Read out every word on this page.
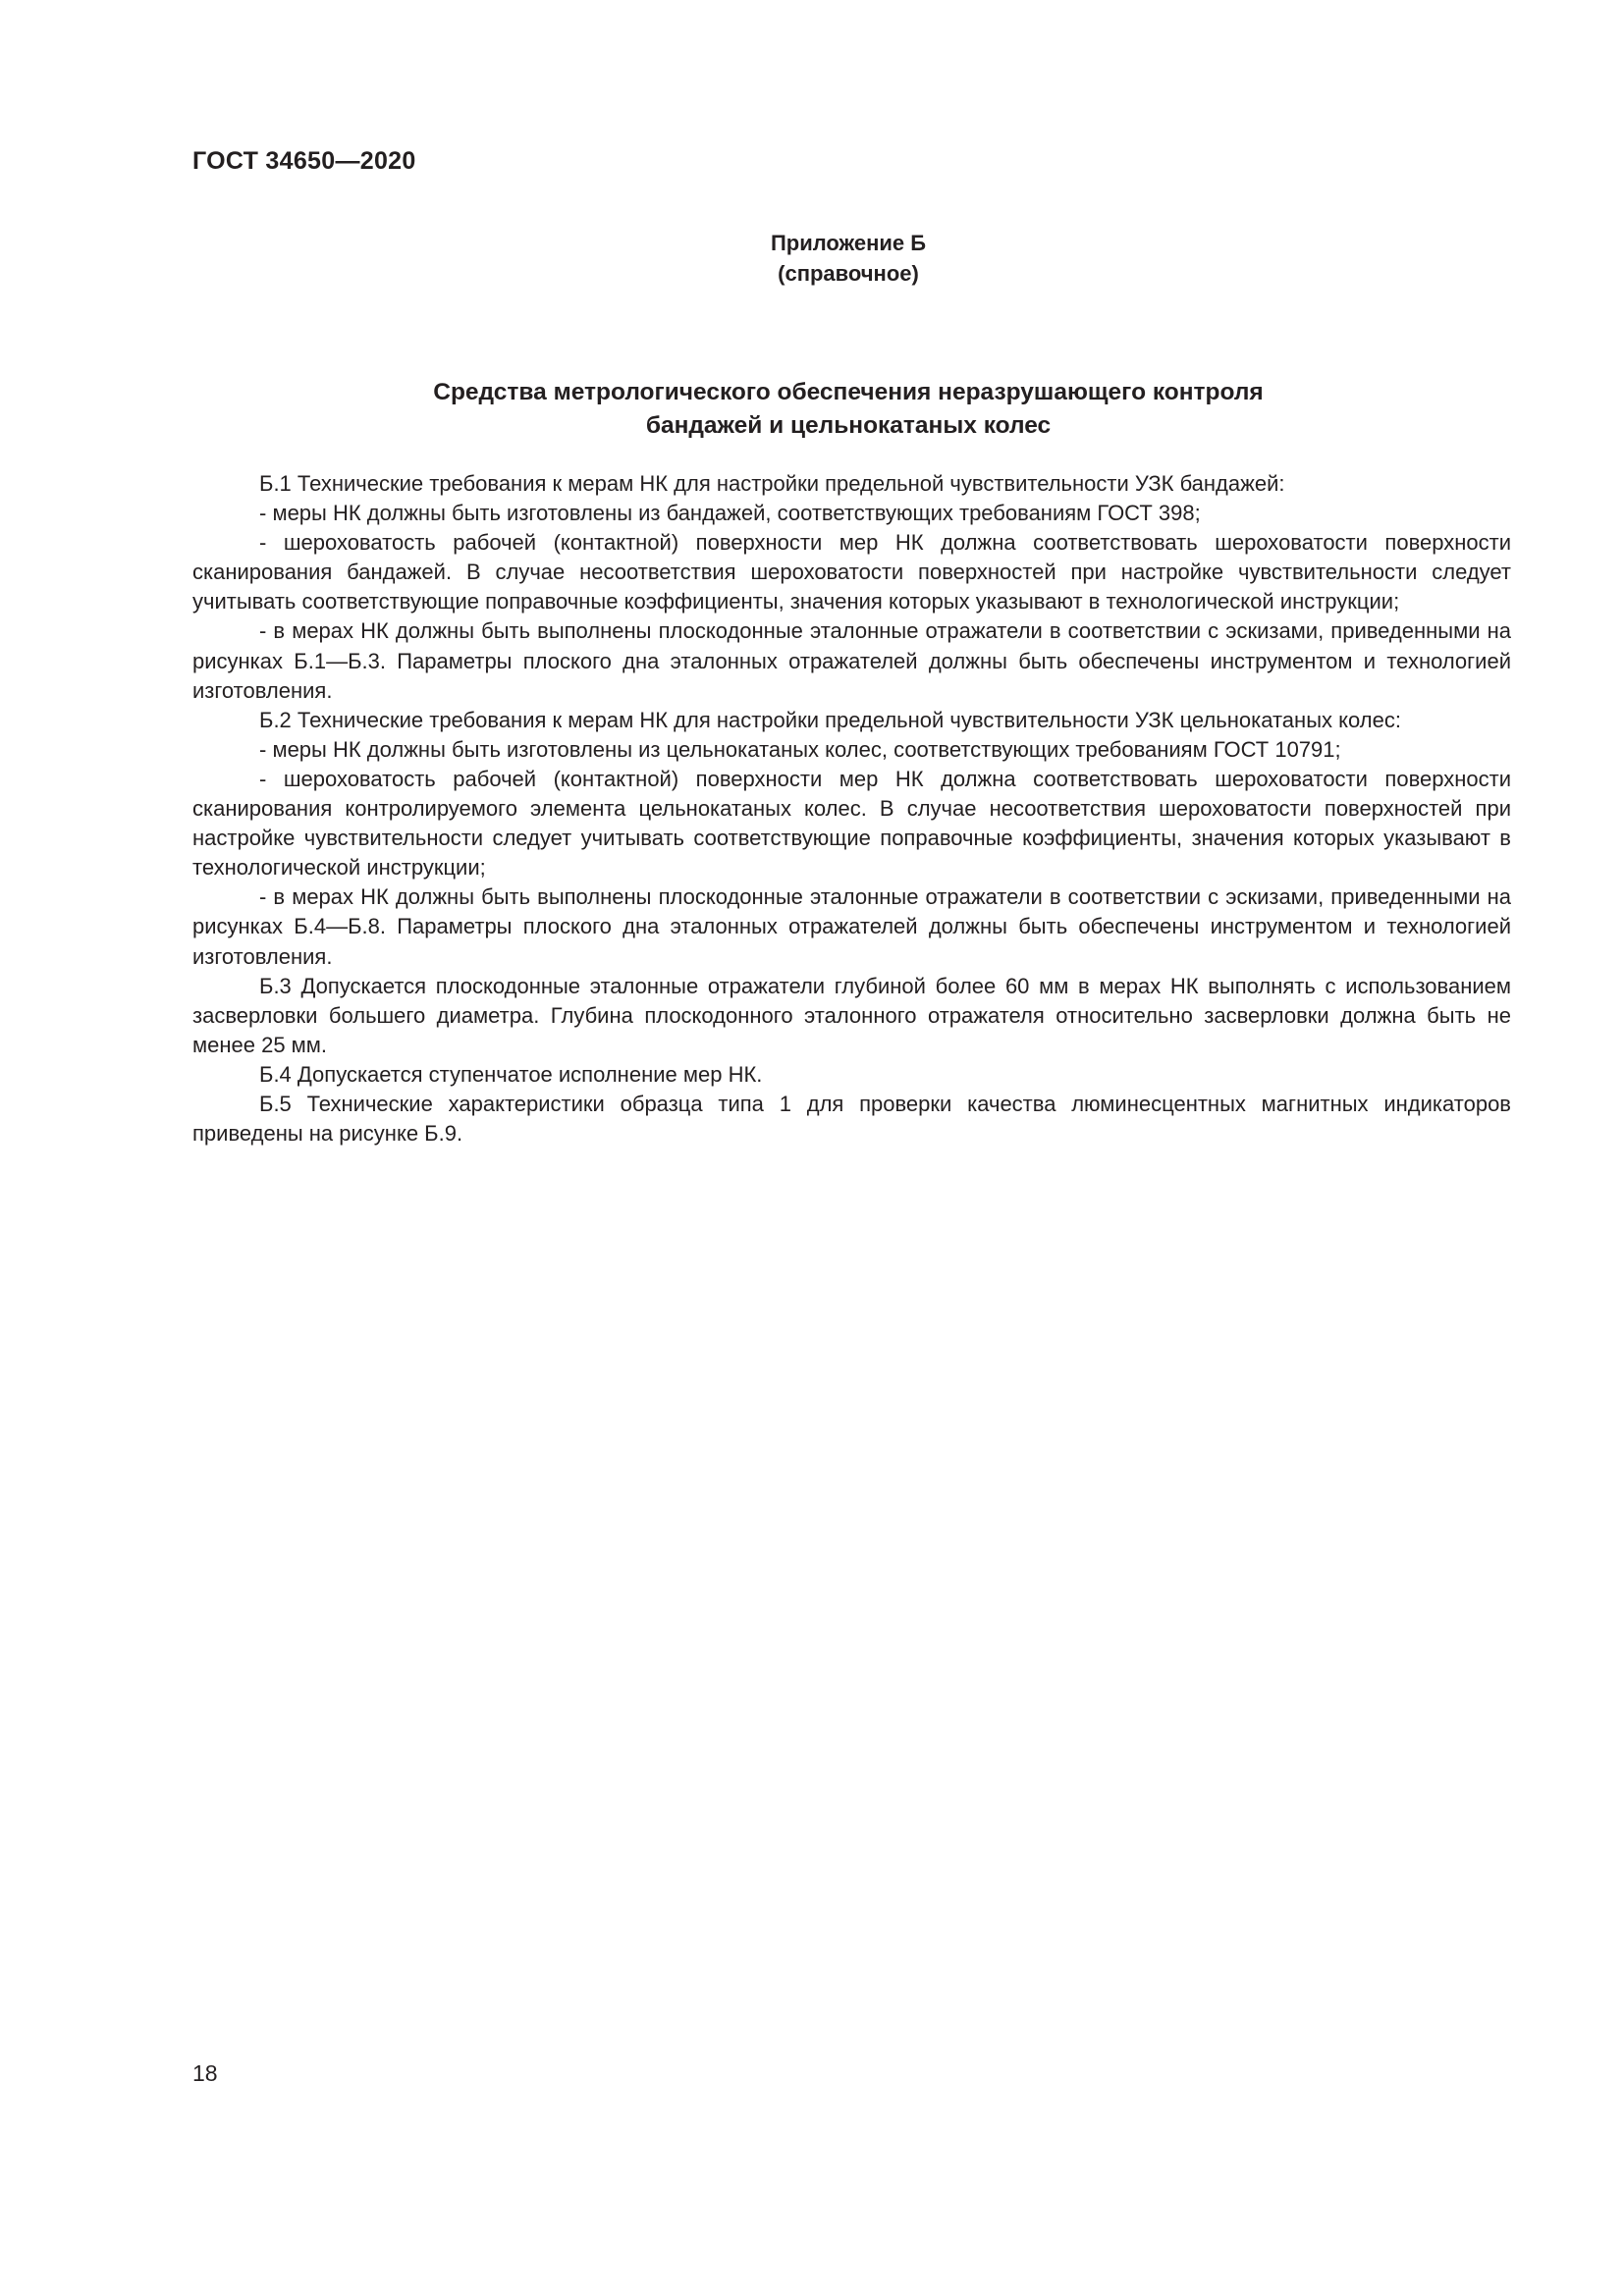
ГОСТ 34650—2020
Приложение Б
(справочное)
Средства метрологического обеспечения неразрушающего контроля
бандажей и цельнокатаных колес

Б.1 Технические требования к мерам НК для настройки предельной чувствительности УЗК бандажей:

- меры НК должны быть изготовлены из бандажей, соответствующих требованиям ГОСТ 398;

- шероховатость рабочей (контактной) поверхности мер НК должна соответствовать шероховатости поверхности сканирования бандажей. В случае несоответствия шероховатости поверхностей при настройке чувствительности следует учитывать соответствующие поправочные коэффициенты, значения которых указывают в технологической инструкции;

- в мерах НК должны быть выполнены плоскодонные эталонные отражатели в соответствии с эскизами, приведенными на рисунках Б.1—Б.3. Параметры плоского дна эталонных отражателей должны быть обеспечены инструментом и технологией изготовления.

Б.2 Технические требования к мерам НК для настройки предельной чувствительности УЗК цельнокатаных колес:

- меры НК должны быть изготовлены из цельнокатаных колес, соответствующих требованиям ГОСТ 10791;

- шероховатость рабочей (контактной) поверхности мер НК должна соответствовать шероховатости поверхности сканирования контролируемого элемента цельнокатаных колес. В случае несоответствия шероховатости поверхностей при настройке чувствительности следует учитывать соответствующие поправочные коэффициенты, значения которых указывают в технологической инструкции;

- в мерах НК должны быть выполнены плоскодонные эталонные отражатели в соответствии с эскизами, приведенными на рисунках Б.4—Б.8. Параметры плоского дна эталонных отражателей должны быть обеспечены инструментом и технологией изготовления.

Б.3 Допускается плоскодонные эталонные отражатели глубиной более 60 мм в мерах НК выполнять с использованием засверловки большего диаметра. Глубина плоскодонного эталонного отражателя относительно засверловки должна быть не менее 25 мм.

Б.4 Допускается ступенчатое исполнение мер НК.

Б.5 Технические характеристики образца типа 1 для проверки качества люминесцентных магнитных индикаторов приведены на рисунке Б.9.

18
